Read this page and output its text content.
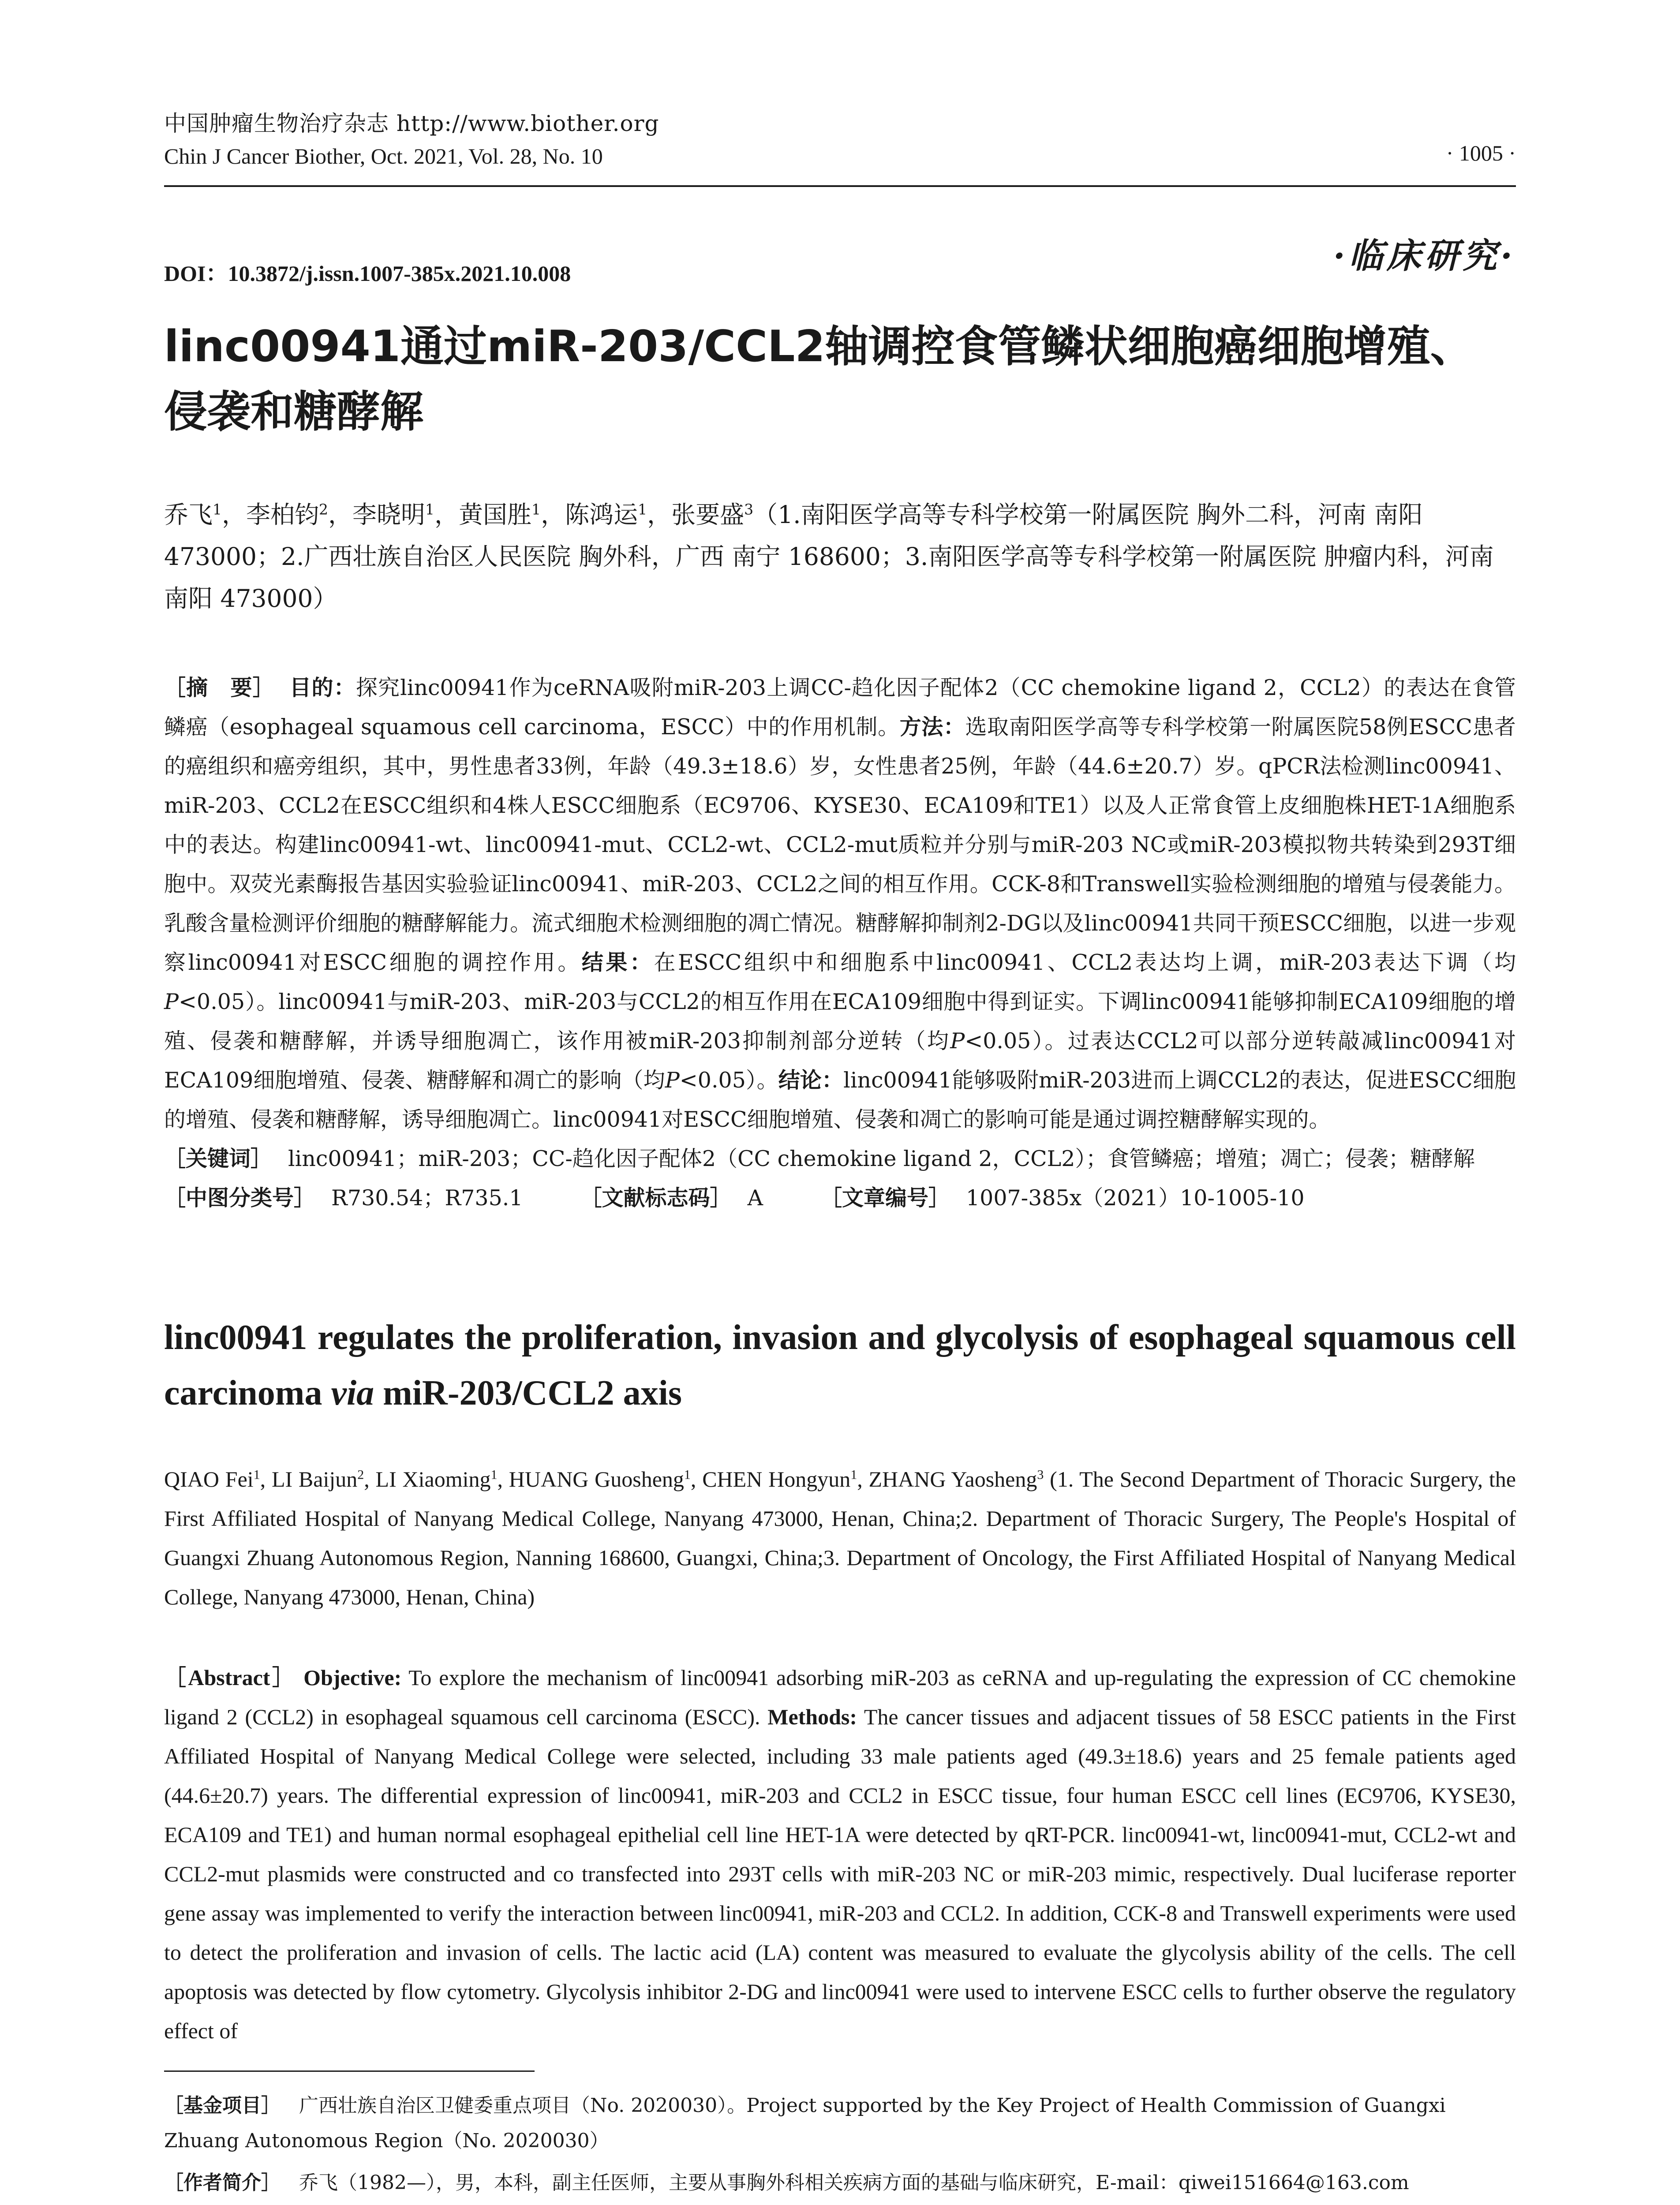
中国肿瘤生物治疗杂志 http://www.biother.org
Chin J Cancer Biother, Oct. 2021, Vol. 28, No. 10	· 1005 ·
DOI：10.3872/j.issn.1007-385x.2021.10.008	·临床研究·
linc00941通过miR-203/CCL2轴调控食管鳞状细胞癌细胞增殖、侵袭和糖酵解
乔飞$^1$，李柏钧$^2$，李晓明$^1$，黄国胜$^1$，陈鸿运$^1$，张要盛$^3$（1.南阳医学高等专科学校第一附属医院 胸外二科，河南 南阳 473000；2.广西壮族自治区人民医院 胸外科，广西 南宁 168600；3.南阳医学高等专科学校第一附属医院 肿瘤内科，河南 南阳 473000）
［摘　要］ 目的：探究linc00941作为ceRNA吸附miR-203上调CC-趋化因子配体2（CC chemokine ligand 2，CCL2）的表达在食管鳞癌（esophageal squamous cell carcinoma，ESCC）中的作用机制。方法：选取南阳医学高等专科学校第一附属医院58例ESCC患者的癌组织和癌旁组织，其中，男性患者33例，年龄（49.3±18.6）岁，女性患者25例，年龄（44.6±20.7）岁。qPCR法检测linc00941、miR-203、CCL2在ESCC组织和4株人ESCC细胞系（EC9706、KYSE30、ECA109和TE1）以及人正常食管上皮细胞株HET-1A细胞系中的表达。构建linc00941-wt、linc00941-mut、CCL2-wt、CCL2-mut质粒并分别与miR-203 NC或miR-203模拟物共转染到293T细胞中。双荧光素酶报告基因实验验证linc00941、miR-203、CCL2之间的相互作用。CCK-8和Transwell实验检测细胞的增殖与侵袭能力。乳酸含量检测评价细胞的糖酵解能力。流式细胞术检测细胞的凋亡情况。糖酵解抑制剂2-DG以及linc00941共同干预ESCC细胞，以进一步观察linc00941对ESCC细胞的调控作用。结果：在ESCC组织中和细胞系中linc00941、CCL2表达均上调，miR-203表达下调（均P<0.05）。linc00941与miR-203、miR-203与CCL2的相互作用在ECA109细胞中得到证实。下调linc00941能够抑制ECA109细胞的增殖、侵袭和糖酵解，并诱导细胞凋亡，该作用被miR-203抑制剂部分逆转（均P<0.05）。过表达CCL2可以部分逆转敲减linc00941对ECA109细胞增殖、侵袭、糖酵解和凋亡的影响（均P<0.05）。结论：linc00941能够吸附miR-203进而上调CCL2的表达，促进ESCC细胞的增殖、侵袭和糖酵解，诱导细胞凋亡。linc00941对ESCC细胞增殖、侵袭和凋亡的影响可能是通过调控糖酵解实现的。
［关键词］ linc00941；miR-203；CC-趋化因子配体2（CC chemokine ligand 2，CCL2）；食管鳞癌；增殖；凋亡；侵袭；糖酵解
［中图分类号］ R730.54；R735.1	［文献标志码］ A	［文章编号］ 1007-385x（2021）10-1005-10
linc00941 regulates the proliferation, invasion and glycolysis of esophageal squamous cell carcinoma via miR-203/CCL2 axis
QIAO Fei$^1$, LI Baijun$^2$, LI Xiaoming$^1$, HUANG Guosheng$^1$, CHEN Hongyun$^1$, ZHANG Yaosheng$^3$ (1. The Second Department of Thoracic Surgery, the First Affiliated Hospital of Nanyang Medical College, Nanyang 473000, Henan, China;2. Department of Thoracic Surgery, The People's Hospital of Guangxi Zhuang Autonomous Region, Nanning 168600, Guangxi, China;3. Department of Oncology, the First Affiliated Hospital of Nanyang Medical College, Nanyang 473000, Henan, China)
［Abstract］ Objective: To explore the mechanism of linc00941 adsorbing miR-203 as ceRNA and up-regulating the expression of CC chemokine ligand 2 (CCL2) in esophageal squamous cell carcinoma (ESCC). Methods: The cancer tissues and adjacent tissues of 58 ESCC patients in the First Affiliated Hospital of Nanyang Medical College were selected, including 33 male patients aged (49.3±18.6) years and 25 female patients aged (44.6±20.7) years. The differential expression of linc00941, miR-203 and CCL2 in ESCC tissue, four human ESCC cell lines (EC9706, KYSE30, ECA109 and TE1) and human normal esophageal epithelial cell line HET-1A were detected by qRT-PCR. linc00941-wt, linc00941-mut, CCL2-wt and CCL2-mut plasmids were constructed and co transfected into 293T cells with miR-203 NC or miR-203 mimic, respectively. Dual luciferase reporter gene assay was implemented to verify the interaction between linc00941, miR-203 and CCL2. In addition, CCK-8 and Transwell experiments were used to detect the proliferation and invasion of cells. The lactic acid (LA) content was measured to evaluate the glycolysis ability of the cells. The cell apoptosis was detected by flow cytometry. Glycolysis inhibitor 2-DG and linc00941 were used to intervene ESCC cells to further observe the regulatory effect of
［基金项目］ 广西壮族自治区卫健委重点项目（No. 2020030）。Project supported by the Key Project of Health Commission of Guangxi Zhuang Autonomous Region（No. 2020030）
［作者简介］ 乔飞（1982—），男，本科，副主任医师，主要从事胸外科相关疾病方面的基础与临床研究，E-mail：qiwei151664@163.com
